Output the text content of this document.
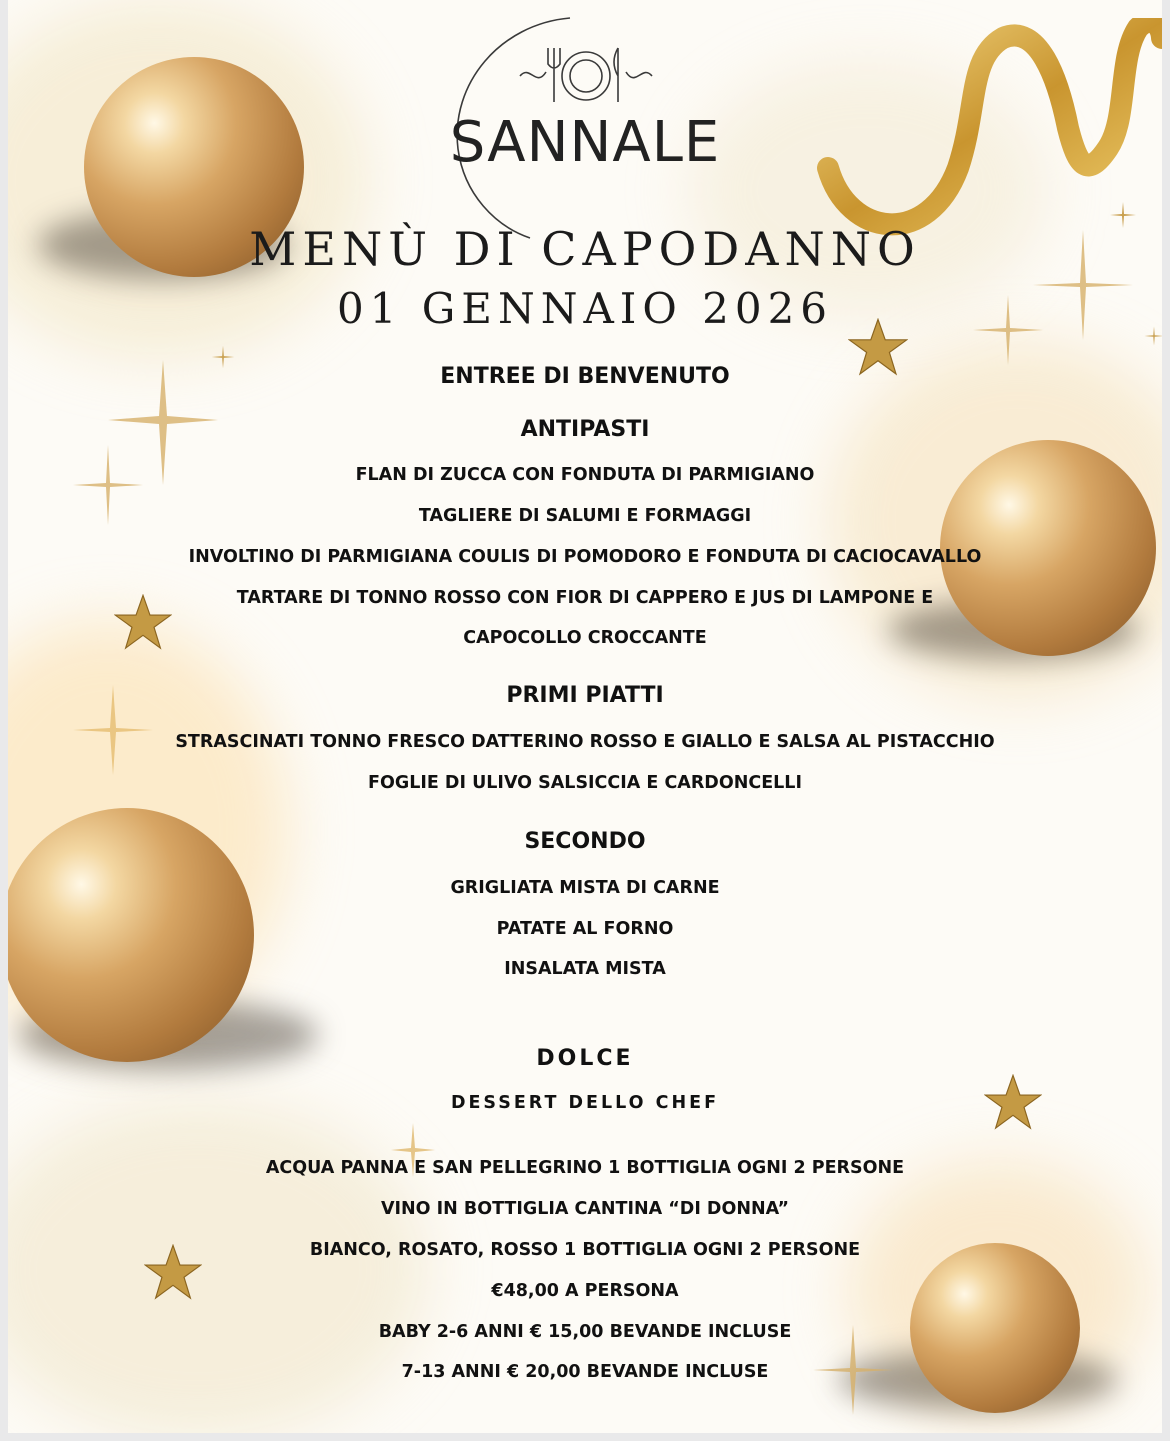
SANNALE
MENÙ DI CAPODANNO
01 GENNAIO 2026
ENTREE DI BENVENUTO
ANTIPASTI
FLAN DI ZUCCA CON FONDUTA DI PARMIGIANO
TAGLIERE DI SALUMI E FORMAGGI
INVOLTINO DI PARMIGIANA COULIS DI POMODORO E FONDUTA DI CACIOCAVALLO
TARTARE DI TONNO ROSSO CON FIOR DI CAPPERO E JUS DI LAMPONE E
CAPOCOLLO CROCCANTE
PRIMI PIATTI
STRASCINATI TONNO FRESCO DATTERINO ROSSO E GIALLO E SALSA AL PISTACCHIO
FOGLIE DI ULIVO SALSICCIA E CARDONCELLI
SECONDO
GRIGLIATA MISTA DI CARNE
PATATE AL FORNO
INSALATA MISTA
DOLCE
DESSERT DELLO CHEF
ACQUA PANNA E SAN PELLEGRINO 1 BOTTIGLIA OGNI 2 PERSONE
VINO IN BOTTIGLIA CANTINA “DI DONNA”
BIANCO, ROSATO, ROSSO 1 BOTTIGLIA OGNI 2 PERSONE
€48,00 A PERSONA
BABY 2-6 ANNI € 15,00 BEVANDE INCLUSE
7-13 ANNI € 20,00 BEVANDE INCLUSE
